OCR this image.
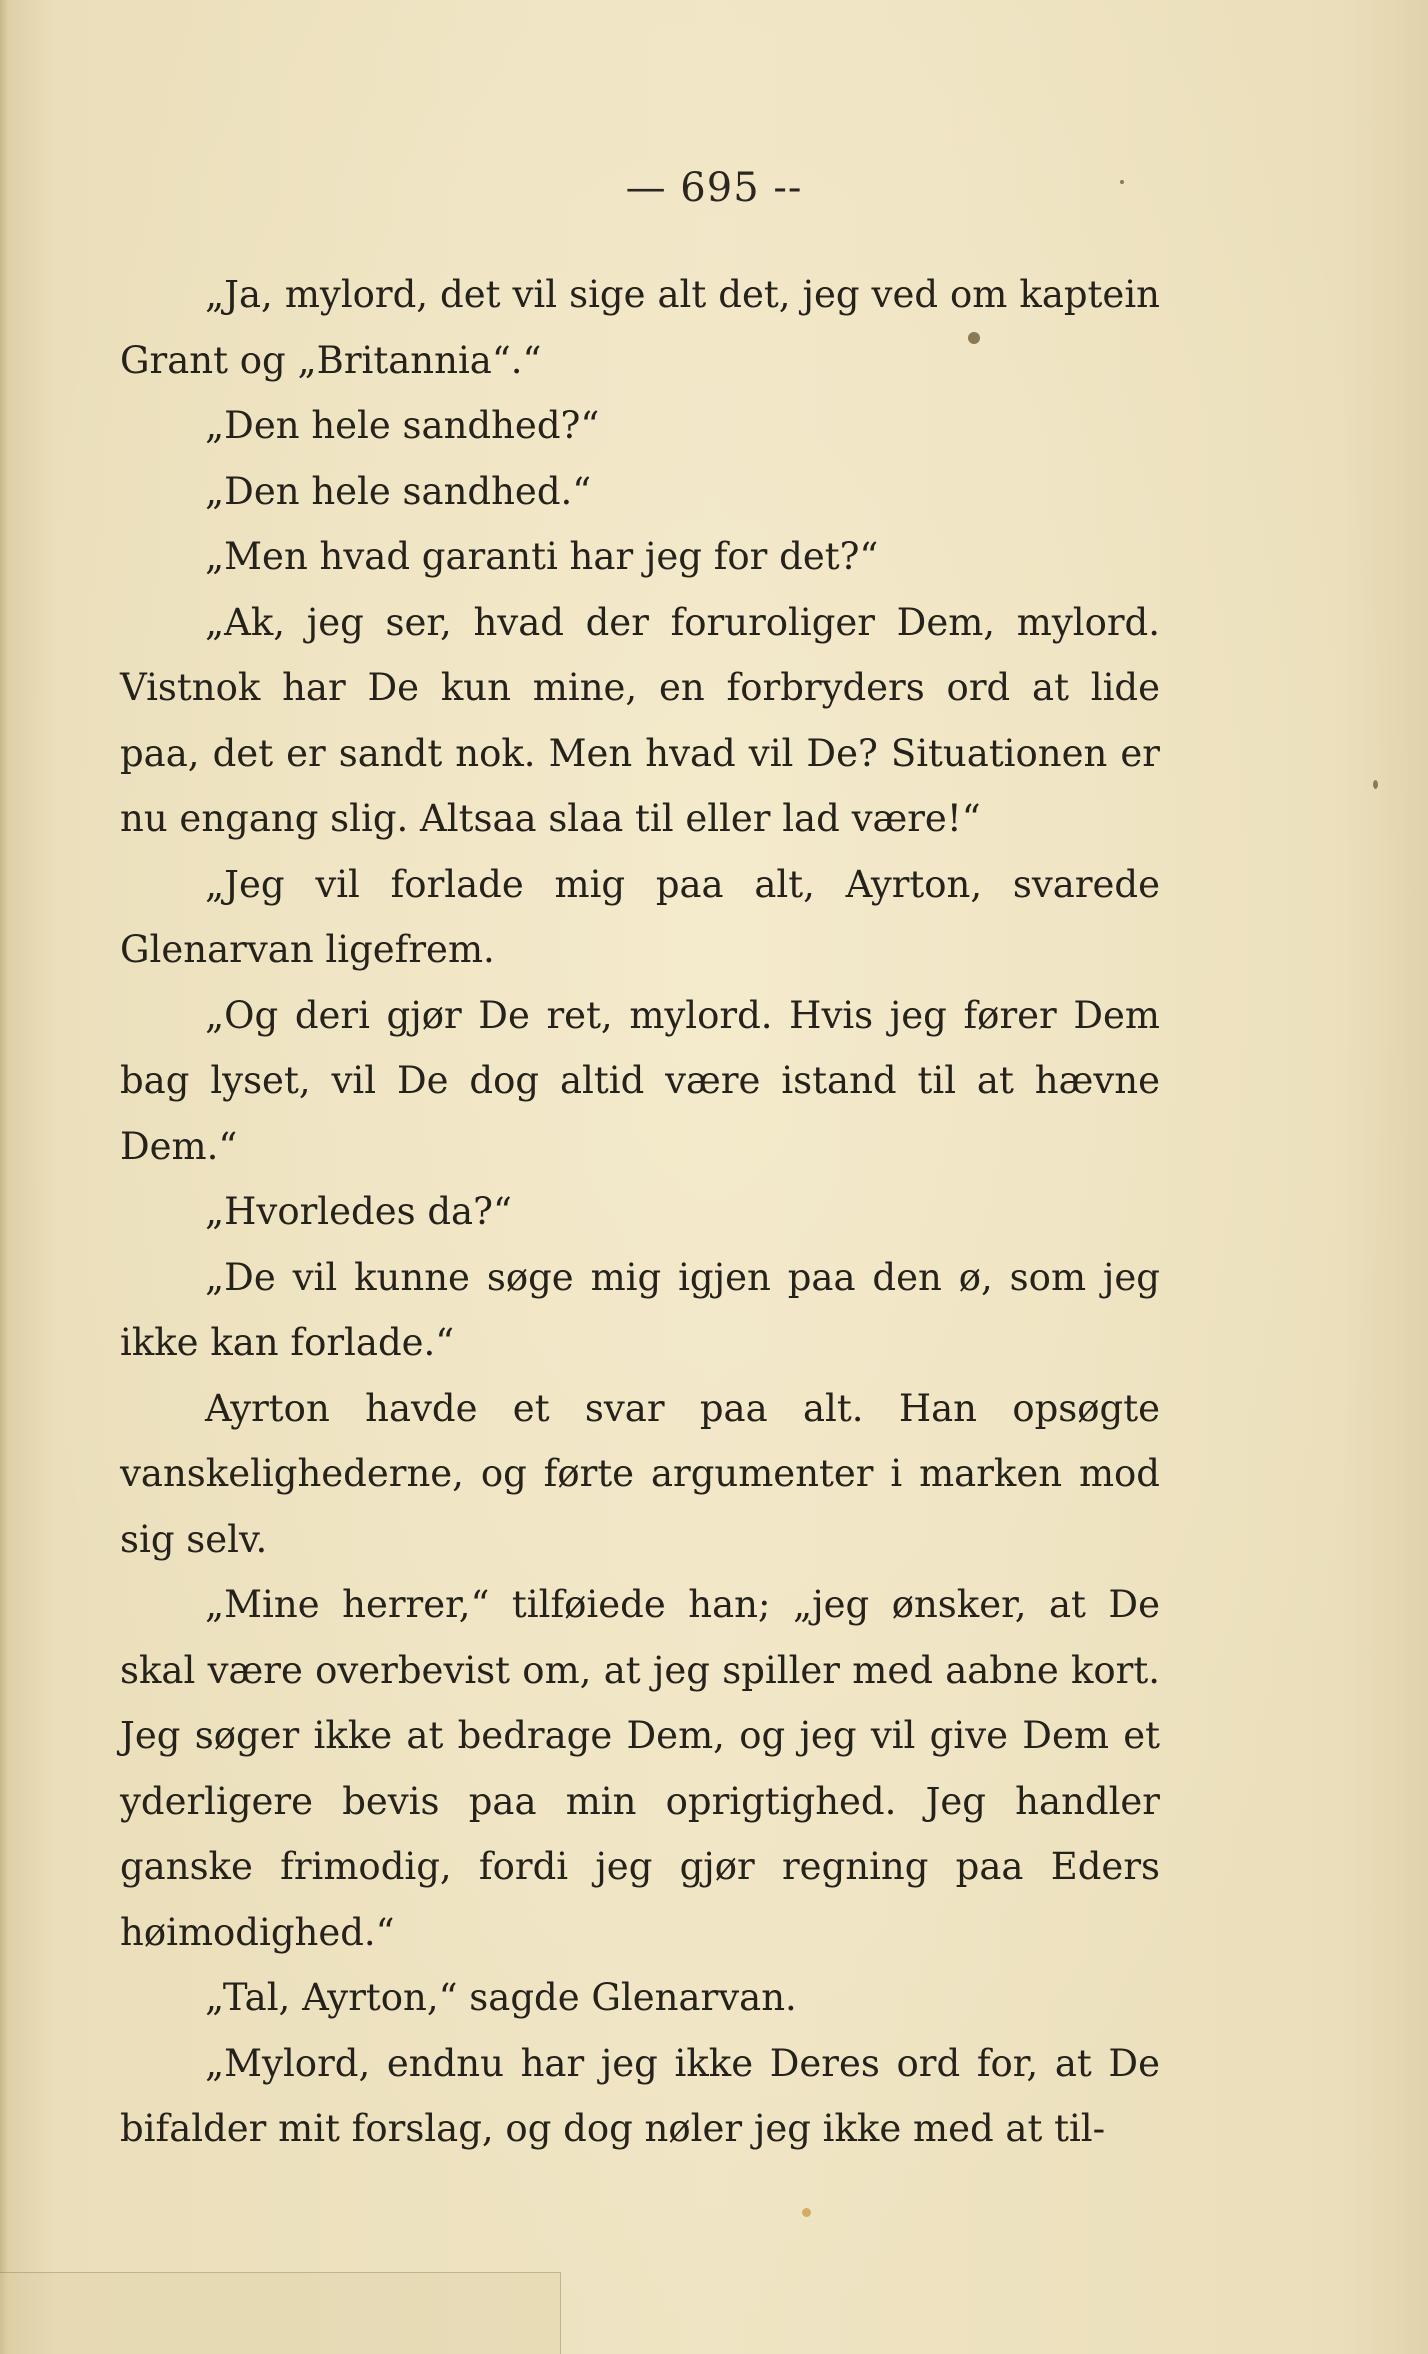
— 695 --

„Ja, mylord, det vil sige alt det, jeg ved om kaptein Grant og „Britannia“.“

„Den hele sandhed?“

„Den hele sandhed.“

„Men hvad garanti har jeg for det?“

„Ak, jeg ser, hvad der foruroliger Dem, mylord. Vistnok har De kun mine, en forbryders ord at lide paa, det er sandt nok. Men hvad vil De? Situationen er nu engang slig. Altsaa slaa til eller lad være!“

„Jeg vil forlade mig paa alt, Ayrton, svarede Glenarvan ligefrem.

„Og deri gjør De ret, mylord. Hvis jeg fører Dem bag lyset, vil De dog altid være istand til at hævne Dem.“

„Hvorledes da?“

„De vil kunne søge mig igjen paa den ø, som jeg ikke kan forlade.“

Ayrton havde et svar paa alt. Han opsøgte vanskelighederne, og førte argumenter i marken mod sig selv.

„Mine herrer,“ tilføiede han; „jeg ønsker, at De skal være overbevist om, at jeg spiller med aabne kort. Jeg søger ikke at bedrage Dem, og jeg vil give Dem et yderligere bevis paa min oprigtighed. Jeg handler ganske frimodig, fordi jeg gjør regning paa Eders høimodighed.“

„Tal, Ayrton,“ sagde Glenarvan.

„Mylord, endnu har jeg ikke Deres ord for, at De bifalder mit forslag, og dog nøler jeg ikke med at til-
